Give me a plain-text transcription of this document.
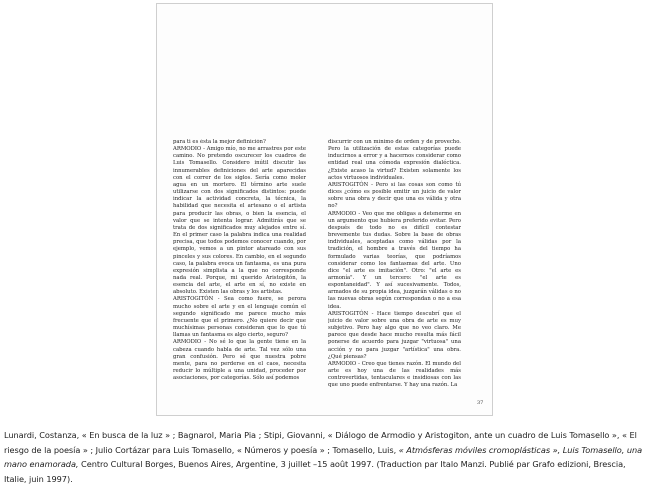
para ti es ésta la mejor definición?

ARMODIO - Amigo mío, no me arrastres por este camino. No pretendo oscurecer los cuadros de Luis Tomasello. Considero inútil discutir las innumerables definiciones del arte aparecidas con el correr de los siglos. Sería como moler agua en un mortero. El término arte suele utilizarse con dos significados distintos: puede indicar la actividad concreta, la técnica, la habilidad que necesita el artesano o el artista para producir las obras, o bien la esencia, el valor que se intenta lograr. Admitirás que se trata de dos significados muy alejados entre sí. En el primer caso la palabra indica una realidad precisa, que todos podemos conocer cuando, por ejemplo, vemos a un pintor atareado con sus pinceles y sus colores. En cambio, en el segundo caso, la palabra evoca un fantasma, es una pura expresión simplista a la que no corresponde nada real. Porque, mi querido Aristogitón, la esencia del arte, el arte en sí, no existe en absoluto. Existen las obras y los artistas.

ARISTOGITÓN - Sea como fuere, se perora mucho sobre el arte y en el lenguaje común el segundo significado me parece mucho más frecuente que el primero. ¿No quiere decir que muchísimas personas consideran que lo que tú llamas un fantasma es algo cierto, seguro?

ARMODIO - No sé lo que la gente tiene en la cabeza cuando habla de arte. Tal vez sólo una gran confusión. Pero sé que nuestra pobre mente, para no perderse en el caos, necesita reducir lo múltiple a una unidad, proceder por asociaciones, por categorías. Sólo así podemos

discurrir con un mínimo de orden y de provecho. Pero la utilización de estas categorías puede inducirnos a error y a hacernos considerar como entidad real una cómoda expresión dialéctica. ¿Existe acaso la virtud? Existen solamente los actos virtuosos individuales.

ARISTOGITÓN - Pero si las cosas son como tú dices ¿cómo es posible emitir un juicio de valor sobre una obra y decir que una es válida y otra no?

ARMODIO - Veo que me obligas a detenerme en un argumento que hubiera preferido evitar. Pero después de todo no es difícil contestar brevemente tus dudas. Sobre la base de obras individuales, aceptadas como válidas por la tradición, el hombre a través del tiempo ha formulado varias teorías, que podríamos considerar como los fantasmas del arte. Uno dice "el arte es imitación". Otro: "el arte es armonía". Y un tercero: "el arte es espontaneidad". Y así sucesivamente. Todos, armados de su propia idea, juzgarán válidas o no las nuevas obras según correspondan o no a esa idea.

ARISTOGITÓN - Hace tiempo descubrí que el juicio de valor sobre una obra de arte es muy subjetivo. Pero hay algo que no veo claro. Me parece que desde hace mucho resulta más fácil ponerse de acuerdo para juzgar "virtuosa" una acción y no para juzgar "artística" una obra. ¿Qué piensas?

ARMODIO - Creo que tienes razón. El mundo del arte es hoy una de las realidades más controvertidas, tentaculares e insidiosas con las que uno puede enfrentarse. Y hay una razón. La

37
Lunardi, Costanza, « En busca de la luz » ; Bagnarol, Maria Pia ; Stipi, Giovanni, « Diálogo de Armodio y Aristogiton, ante un cuadro de Luis Tomasello », « El riesgo de la poesía » ; Julio Cortázar para Luis Tomasello, « Números y poesía » ; Tomasello, Luis, « Atmósferas móviles cromoplásticas », Luis Tomasello, una mano enamorada, Centro Cultural Borges, Buenos Aires, Argentine, 3 juillet –15 août 1997. (Traduction par Italo Manzi. Publié par Grafo edizioni, Brescia, Italie, juin 1997).
